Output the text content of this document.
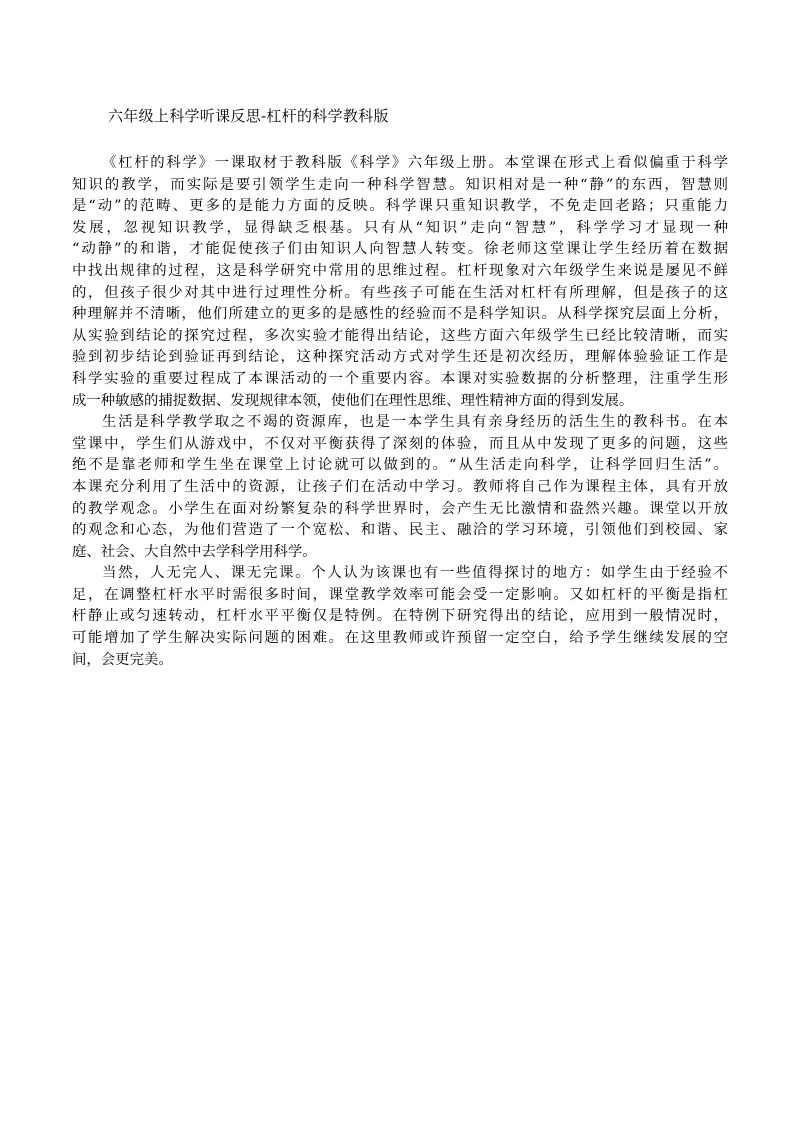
六年级上科学听课反思-杠杆的科学教科版
《杠杆的科学》一课取材于教科版《科学》六年级上册。本堂课在形式上看似偏重于科学
知识的教学，而实际是要引领学生走向一种科学智慧。知识相对是一种“静”的东西，智慧则
是“动”的范畴、更多的是能力方面的反映。科学课只重知识教学，不免走回老路；只重能力
发展，忽视知识教学，显得缺乏根基。只有从“知识”走向“智慧”，科学学习才显现一种
“动静”的和谐，才能促使孩子们由知识人向智慧人转变。徐老师这堂课让学生经历着在数据
中找出规律的过程，这是科学研究中常用的思维过程。杠杆现象对六年级学生来说是屡见不鲜
的，但孩子很少对其中进行过理性分析。有些孩子可能在生活对杠杆有所理解，但是孩子的这
种理解并不清晰，他们所建立的更多的是感性的经验而不是科学知识。从科学探究层面上分析，
从实验到结论的探究过程，多次实验才能得出结论，这些方面六年级学生已经比较清晰，而实
验到初步结论到验证再到结论，这种探究活动方式对学生还是初次经历，理解体验验证工作是
科学实验的重要过程成了本课活动的一个重要内容。本课对实验数据的分析整理，注重学生形
成一种敏感的捕捉数据、发现规律本领，使他们在理性思维、理性精神方面的得到发展。
生活是科学教学取之不竭的资源库，也是一本学生具有亲身经历的活生生的教科书。在本
堂课中，学生们从游戏中，不仅对平衡获得了深刻的体验，而且从中发现了更多的问题，这些
绝不是靠老师和学生坐在课堂上讨论就可以做到的。“从生活走向科学，让科学回归生活”。
本课充分利用了生活中的资源，让孩子们在活动中学习。教师将自己作为课程主体，具有开放
的教学观念。小学生在面对纷繁复杂的科学世界时，会产生无比激情和盎然兴趣。课堂以开放
的观念和心态，为他们营造了一个宽松、和谐、民主、融洽的学习环境，引领他们到校园、家
庭、社会、大自然中去学科学用科学。
当然，人无完人、课无完课。个人认为该课也有一些值得探讨的地方：如学生由于经验不
足，在调整杠杆水平时需很多时间，课堂教学效率可能会受一定影响。又如杠杆的平衡是指杠
杆静止或匀速转动，杠杆水平平衡仅是特例。在特例下研究得出的结论，应用到一般情况时，
可能增加了学生解决实际问题的困难。在这里教师或许预留一定空白，给予学生继续发展的空
间，会更完美。
